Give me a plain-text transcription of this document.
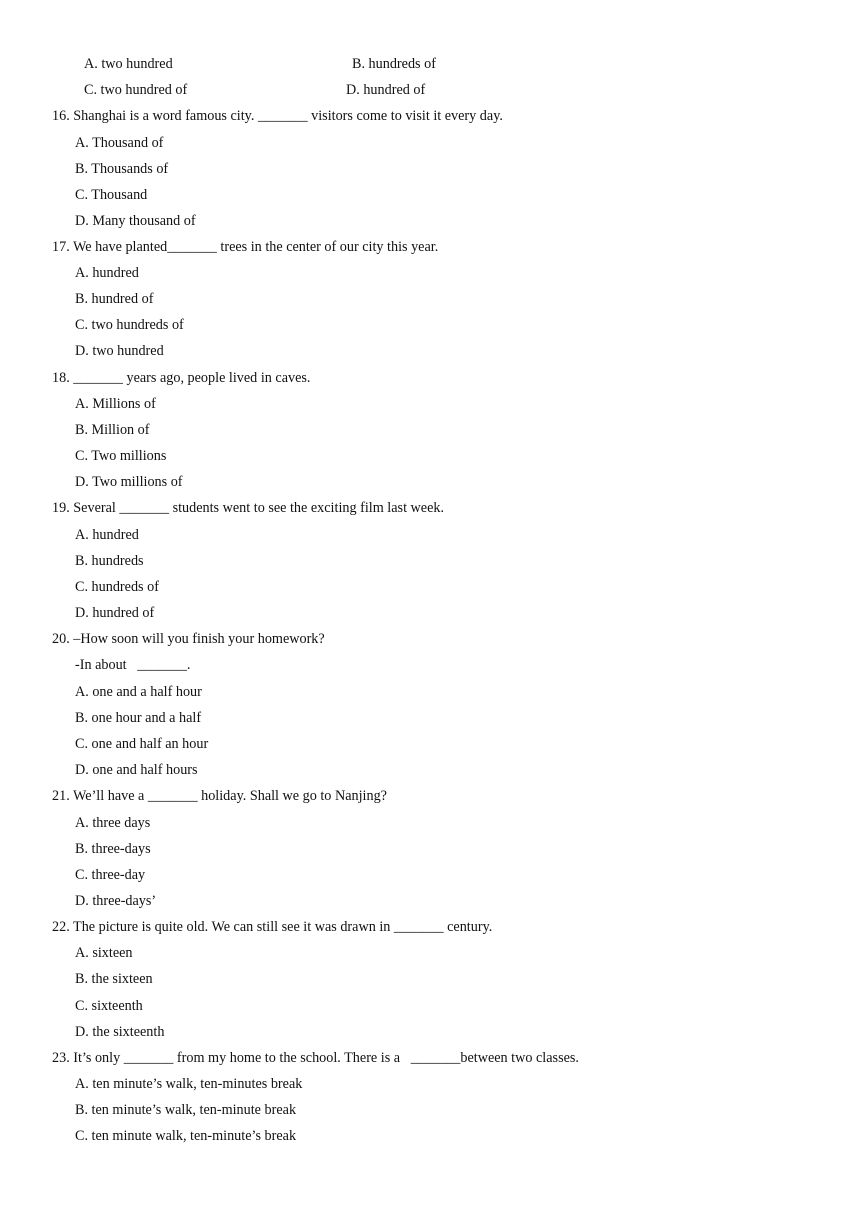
A. two hundred	B. hundreds of
C. two hundred of	D. hundred of
16. Shanghai is a word famous city. _______ visitors come to visit it every day.
A. Thousand of
B. Thousands of
C. Thousand
D. Many thousand of
17. We have planted_______ trees in the center of our city this year.
A. hundred
B. hundred of
C. two hundreds of
D. two hundred
18. _______ years ago, people lived in caves.
A. Millions of
B. Million of
C. Two millions
D. Two millions of
19. Several _______ students went to see the exciting film last week.
A. hundred
B. hundreds
C. hundreds of
D. hundred of
20. –How soon will you finish your homework?
-In about   _______.
A. one and a half hour
B. one hour and a half
C. one and half an hour
D. one and half hours
21. We’ll have a _______ holiday. Shall we go to Nanjing?
A. three days
B. three-days
C. three-day
D. three-days’
22. The picture is quite old. We can still see it was drawn in _______ century.
A. sixteen
B. the sixteen
C. sixteenth
D. the sixteenth
23. It’s only _______ from my home to the school. There is a   _______between two classes.
A. ten minute’s walk, ten-minutes break
B. ten minute’s walk, ten-minute break
C. ten minute walk, ten-minute’s break
